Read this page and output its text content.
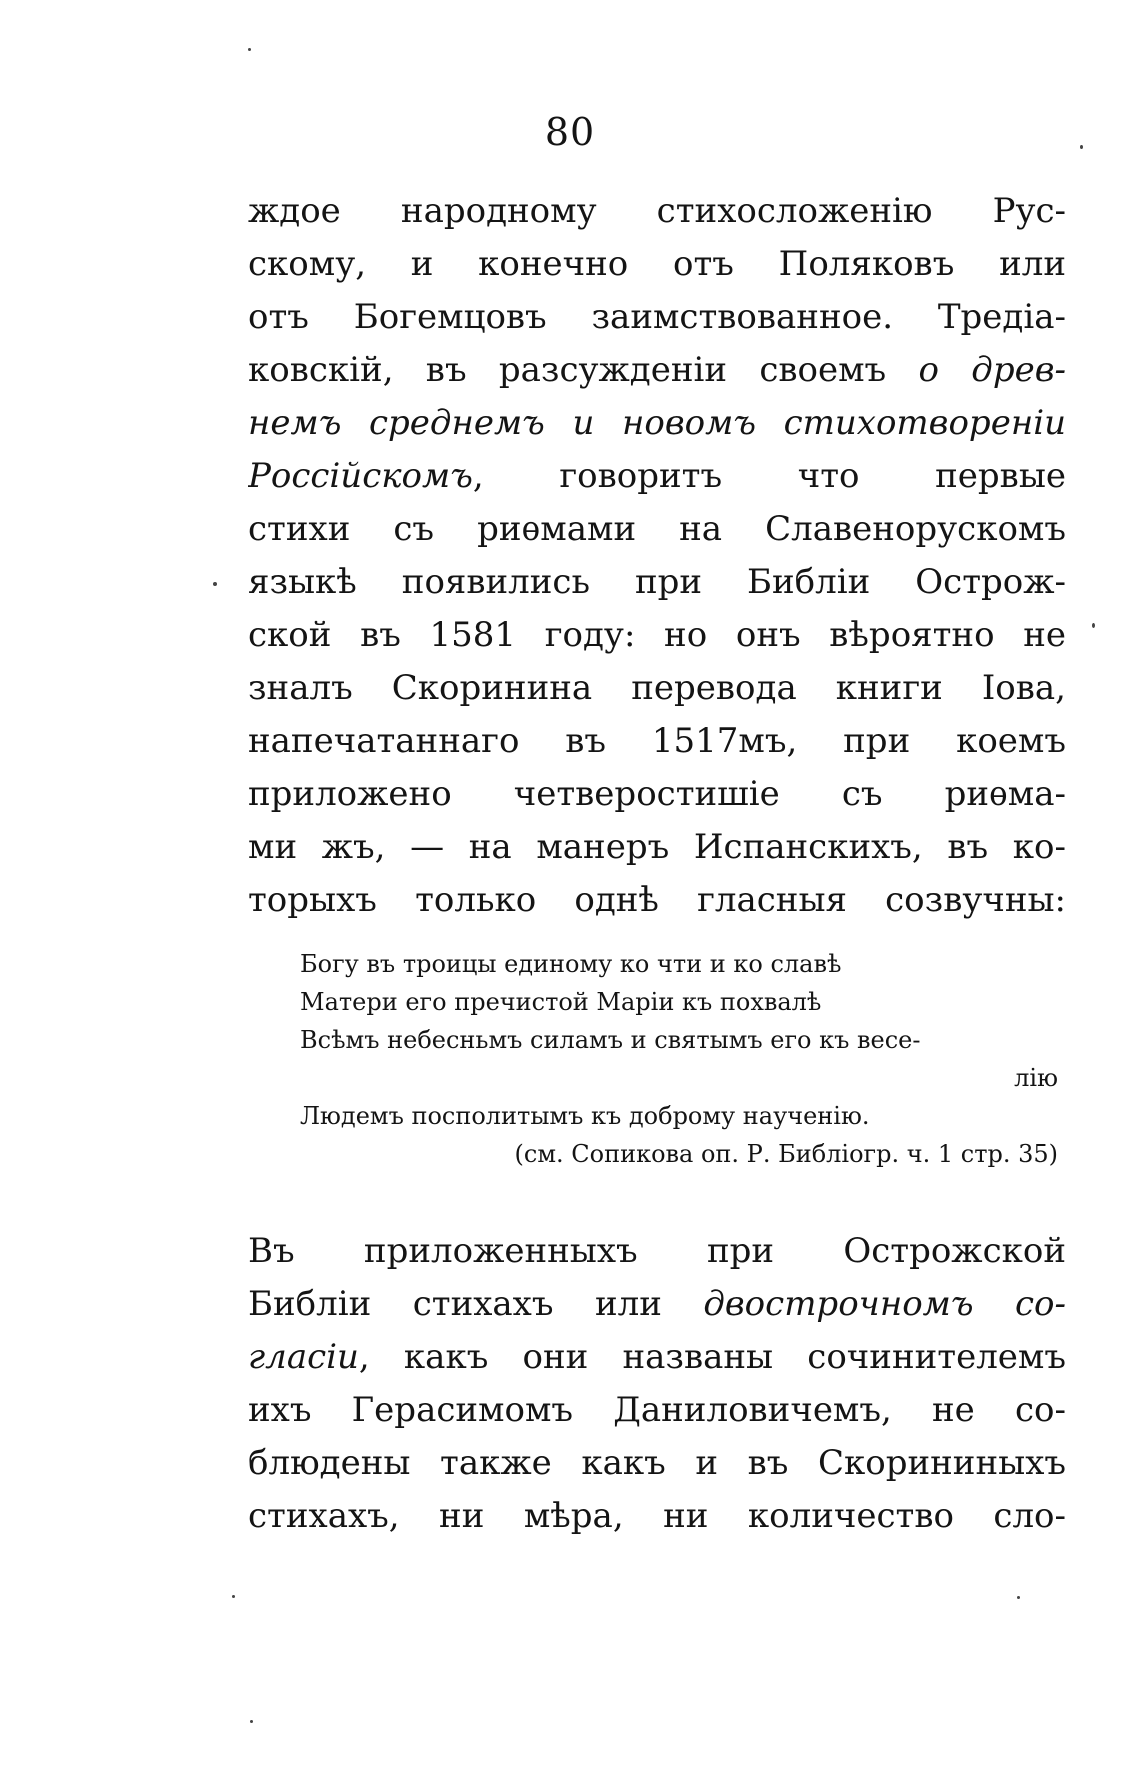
80
ждое народному стихосложенію Рус-
скому, и конечно отъ Поляковъ или
отъ Богемцовъ заимствованное. Тредіа-
ковскій, въ разсужденіи своемъ о древ-
немъ среднемъ и новомъ стихотвореніи
Россійскомъ, говоритъ что первые
стихи съ риѳмами на Славенорускомъ
языкѣ появились при Библіи Острож-
ской въ 1581 году: но онъ вѣроятно не
зналъ Скоринина перевода книги Іова,
напечатаннаго въ 1517мъ, при коемъ
приложено четверостишіе съ риѳма-
ми жъ, — на манеръ Испанскихъ, въ ко-
торыхъ только однѣ гласныя созвучны:
Богу въ троицы единому ко чти и ко славѣ
Матери его пречистой Маріи къ похвалѣ
Всѣмъ небесньмъ силамъ и святымъ его къ весе-
лію
Людемъ посполитымъ къ доброму наученію.
(см. Сопикова оп. Р. Библіогр. ч. 1 стр. 35)
Въ приложенныхъ при Острожской
Библіи стихахъ или двострочномъ со-
гласіи, какъ они названы сочинителемъ
ихъ Герасимомъ Даниловичемъ, не со-
блюдены также какъ и въ Скорининыхъ
стихахъ, ни мѣра, ни количество сло-
